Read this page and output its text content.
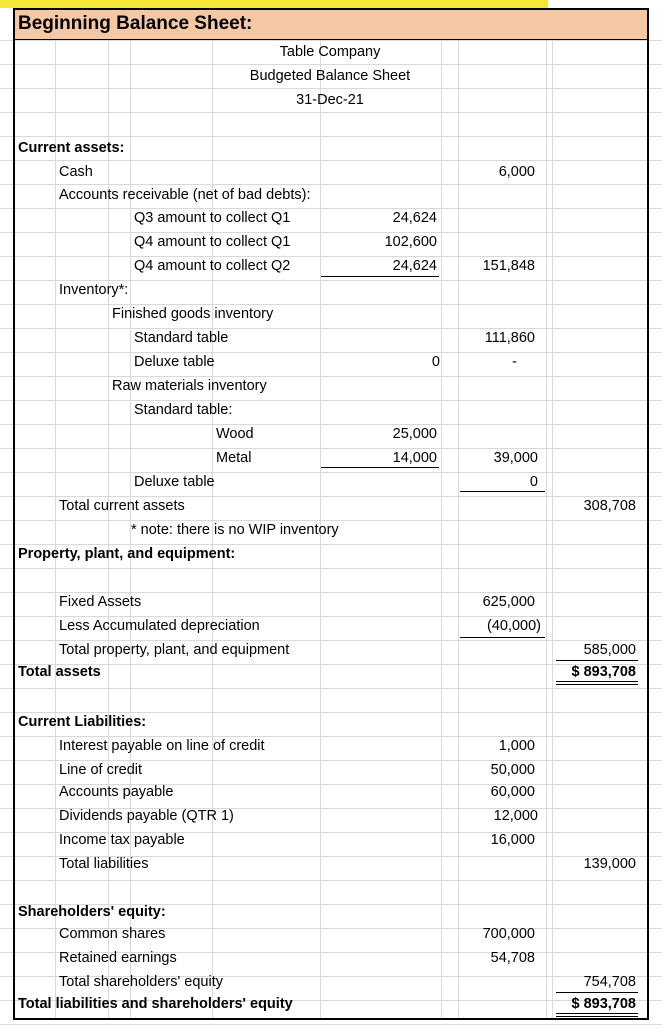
Beginning Balance Sheet:
Table Company
Budgeted Balance Sheet
31-Dec-21
Current assets:
Cash	6,000
Accounts receivable (net of bad debts):
Q3 amount to collect Q1	24,624
Q4 amount to collect Q1	102,600
Q4 amount to collect Q2	24,624	151,848
Inventory*:
Finished goods inventory
Standard table	111,860
Deluxe table	0	-
Raw materials inventory
Standard table:
Wood	25,000
Metal	14,000	39,000
Deluxe table	0
Total current assets	308,708
* note: there is no WIP inventory
Property, plant, and equipment:
Fixed Assets	625,000
Less Accumulated depreciation	(40,000)
Total property, plant, and equipment	585,000
Total assets	$ 893,708
Current Liabilities:
Interest payable on line of credit	1,000
Line of credit	50,000
Accounts payable	60,000
Dividends payable (QTR 1)	12,000
Income tax payable	16,000
Total liabilities	139,000
Shareholders' equity:
Common shares	700,000
Retained earnings	54,708
Total shareholders' equity	754,708
Total liabilities and shareholders' equity	$ 893,708
